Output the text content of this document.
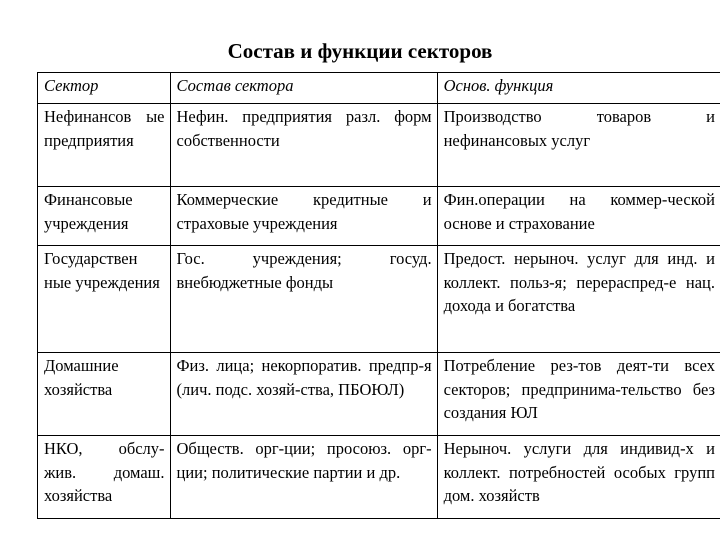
Состав и функции секторов
Сектор	Состав сектора	Основ. функция
Нефинансов ые предприятия	Нефин. предприятия разл. форм собственности	Производство товаров и нефинансовых услуг
Финансовые учреждения	Коммерческие кредитные и страховые учреждения	Фин.операции на коммер-ческой основе и страхование
Государствен ные учреждения	Гос. учреждения; госуд. внебюджетные фонды	Предост. нерыноч. услуг для инд. и коллект. польз-я; перераспред-е нац. дохода и богатства
Домашние хозяйства	Физ. лица; некорпоратив. предпр-я (лич. подс. хозяй-ства, ПБОЮЛ)	Потребление рез-тов деят-ти всех секторов; предпринима-тельство без создания ЮЛ
НКО, обслу-жив. домаш. хозяйства	Обществ. орг-ции; просоюз. орг-ции; политические партии и др.	Нерыноч. услуги для индивид-х и коллект. потребностей особых групп дом. хозяйств
